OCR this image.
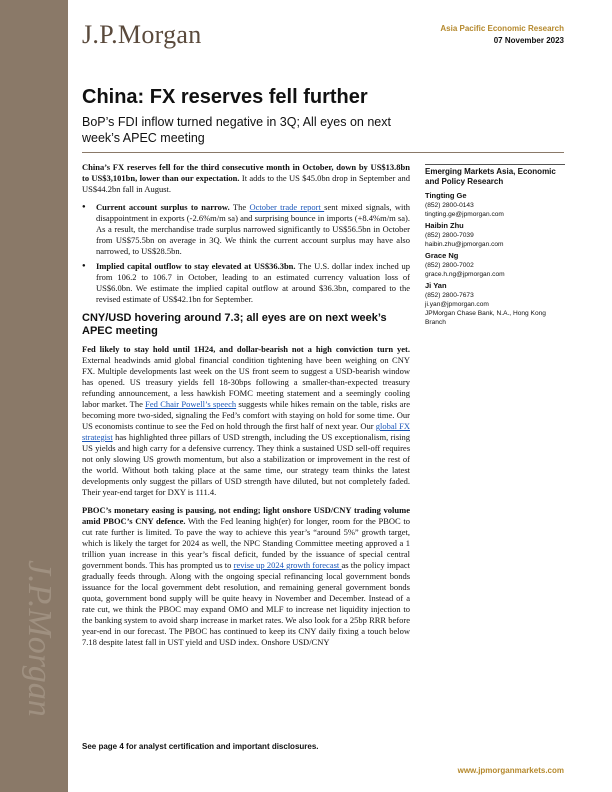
J.P.Morgan
J.P.Morgan	Asia Pacific Economic Research
07 November 2023
China: FX reserves fell further
BoP’s FDI inflow turned negative in 3Q; All eyes on next week’s APEC meeting

China’s FX reserves fell for the third consecutive month in October, down by US$13.8bn to US$3,101bn, lower than our expectation. It adds to the US $45.0bn drop in September and US$44.2bn fall in August.

● Current account surplus to narrow. The October trade report sent mixed signals, with disappointment in exports (-2.6%m/m sa) and surprising bounce in imports (+8.4%m/m sa). As a result, the merchandise trade surplus narrowed significantly to US$56.5bn in October from US$75.5bn on average in 3Q. We think the current account surplus may have also narrowed, to US$28.5bn.
● Implied capital outflow to stay elevated at US$36.3bn. The U.S. dollar index inched up from 106.2 to 106.7 in October, leading to an estimated currency valuation loss of US$6.0bn. We estimate the implied capital outflow at around $36.3bn, compared to the revised estimate of US$42.1bn for September.
CNY/USD hovering around 7.3; all eyes are on next week’s APEC meeting

Fed likely to stay hold until 1H24, and dollar-bearish not a high conviction turn yet. External headwinds amid global financial condition tightening have been weighing on CNY FX. Multiple developments last week on the US front seem to suggest a USD-bearish window has opened. US treasury yields fell 18-30bps following a smaller-than-expected treasury refunding announcement, a less hawkish FOMC meeting statement and a seemingly cooling labor market. The Fed Chair Powell’s speech suggests while hikes remain on the table, risks are becoming more two-sided, signaling the Fed’s comfort with staying on hold for some time. Our US economists continue to see the Fed on hold through the first half of next year. Our global FX strategist has highlighted three pillars of USD strength, including the US exceptionalism, rising US yields and high carry for a defensive currency. They think a sustained USD sell-off requires not only slowing US growth momentum, but also a stabilization or improvement in the rest of the world. Without both taking place at the same time, our strategy team thinks the latest developments only suggest the pillars of USD strength have diluted, but not completely faded. Their year-end target for DXY is 111.4.

PBOC’s monetary easing is pausing, not ending; light onshore USD/CNY trading volume amid PBOC’s CNY defence. With the Fed leaning high(er) for longer, room for the PBOC to cut rate further is limited. To pave the way to achieve this year’s “around 5%” growth target, which is likely the target for 2024 as well, the NPC Standing Committee meeting approved a 1 trillion yuan increase in this year’s fiscal deficit, funded by the issuance of special central government bonds. This has prompted us to revise up 2024 growth forecast as the policy impact gradually feeds through. Along with the ongoing special refinancing local government bonds issuance for the local government debt resolution, and remaining general government bonds quota, government bond supply will be quite heavy in November and December. Instead of a rate cut, we think the PBOC may expand OMO and MLF to increase net liquidity injection to the banking system to avoid sharp increase in market rates. We also look for a 25bp RRR before year-end in our forecast. The PBOC has continued to keep its CNY daily fixing a touch below 7.18 despite latest fall in UST yield and USD index. Onshore USD/CNY

Emerging Markets Asia, Economic and Policy Research
Tingting Ge
(852) 2800-0143
tingting.ge@jpmorgan.com
Haibin Zhu
(852) 2800-7039
haibin.zhu@jpmorgan.com
Grace Ng
(852) 2800-7002
grace.h.ng@jpmorgan.com
Ji Yan
(852) 2800-7673
ji.yan@jpmorgan.com
JPMorgan Chase Bank, N.A., Hong Kong Branch
See page 4 for analyst certification and important disclosures.
www.jpmorganmarkets.com
